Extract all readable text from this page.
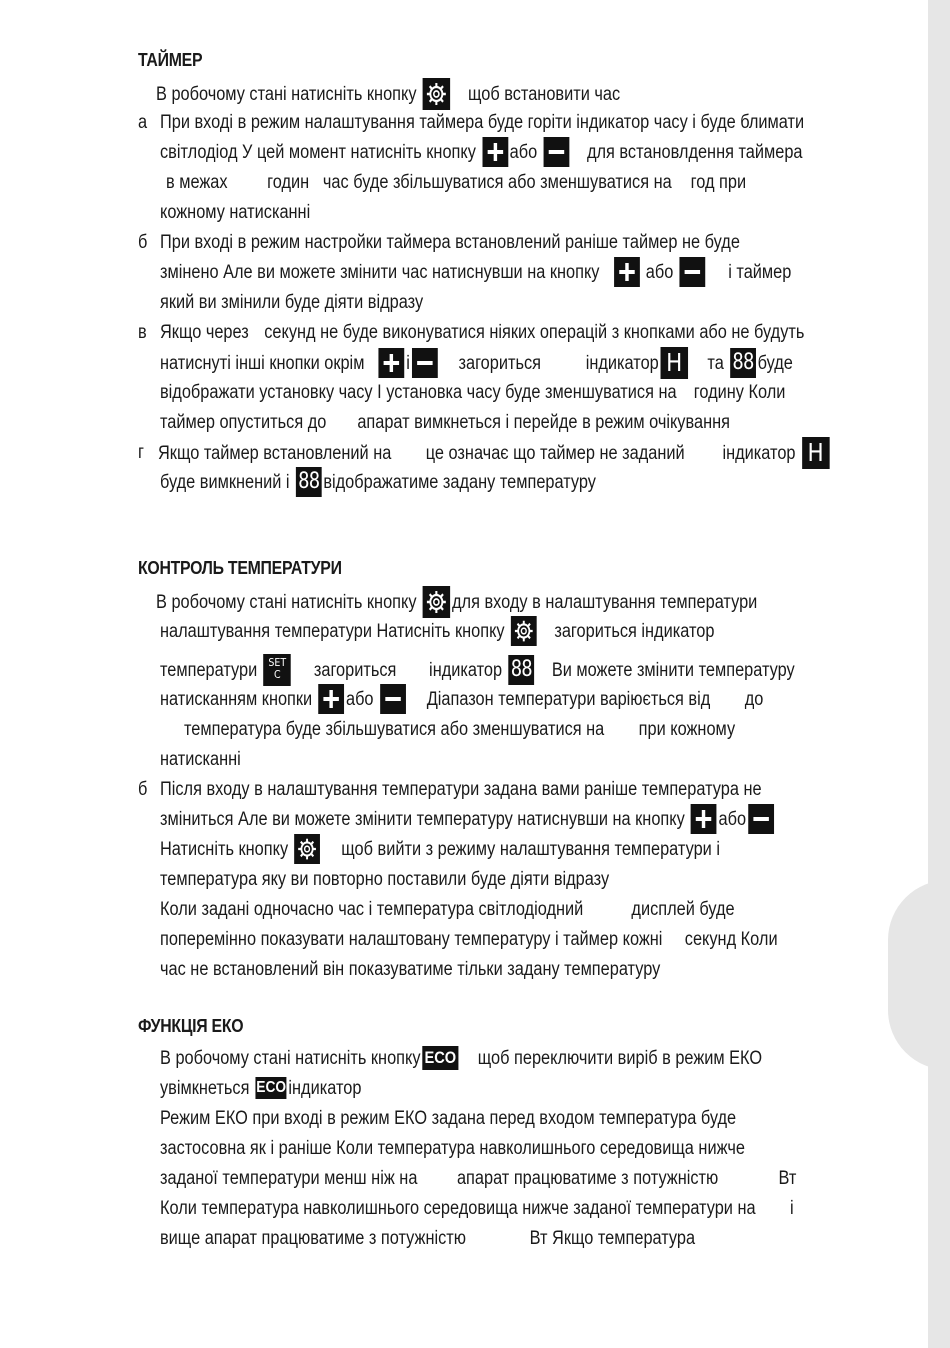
ТАЙМЕР
В робочому стані натисніть кнопку	щоб встановити час
а При вході в режим налаштування таймера буде горіти індикатор часу і буде блимати
світлодіод У цей момент натисніть кнопку або	для встановлдення таймера
в межах годин час буде збільшуватися або зменшуватися на год при
кожному натисканні
б При вході в режим настройки таймера встановлений раніше таймер не буде
змінено Але ви можете змінити час натиснувши на кнопку або	і таймер
який ви змінили буде діяти відразу
в Якщо через секунд не буде виконуватися ніяких операцій з кнопками або не будуть
натиснуті інші кнопки окрім і	загориться індикатор H та 88 буде
відображати установку часу І установка часу буде зменшуватися на годину Коли
таймер опуститься до апарат вимкнеться і перейде в режим очікування
г Якщо таймер встановлений на це означає що таймер не заданий індикатор H
буде вимкнений і 88 відображатиме задану температуру
КОНТРОЛЬ ТЕМПЕРАТУРИ
В робочому стані натисніть кнопку для входу в налаштування температури
налаштування температури Натисніть кнопку	загориться індикатор
температури SET
C загориться індикатор 88 Ви можете змінити температуру
натисканням кнопки або	Діапазон температури варіюється від до
температура буде збільшуватися або зменшуватися на при кожному
натисканні
б Після входу в налаштування температури задана вами раніше температура не
зміниться Але ви можете змінити температуру натиснувши на кнопку або
Натисніть кнопку	щоб вийти з режиму налаштування температури і
температура яку ви повторно поставили буде діяти відразу
Коли задані одночасно час і температура світлодіодний	дисплей буде
поперемінно показувати налаштовану температуру і таймер кожні секунд Коли
час не встановлений він показуватиме тільки задану температуру
ФУНКЦІЯ ЕКО
В робочому стані натисніть кнопку ECO щоб переключити виріб в режим ЕКО
увімкнеться ECO індикатор
Режим ЕКО при вході в режим ЕКО задана перед входом температура буде
застосовна як і раніше Коли температура навколишнього середовища нижче
заданої температури менш ніж на апарат працюватиме з потужністю	Вт
Коли температура навколишнього середовища нижче заданої температури на і
вище апарат працюватиме з потужністю	Вт Якщо температура
